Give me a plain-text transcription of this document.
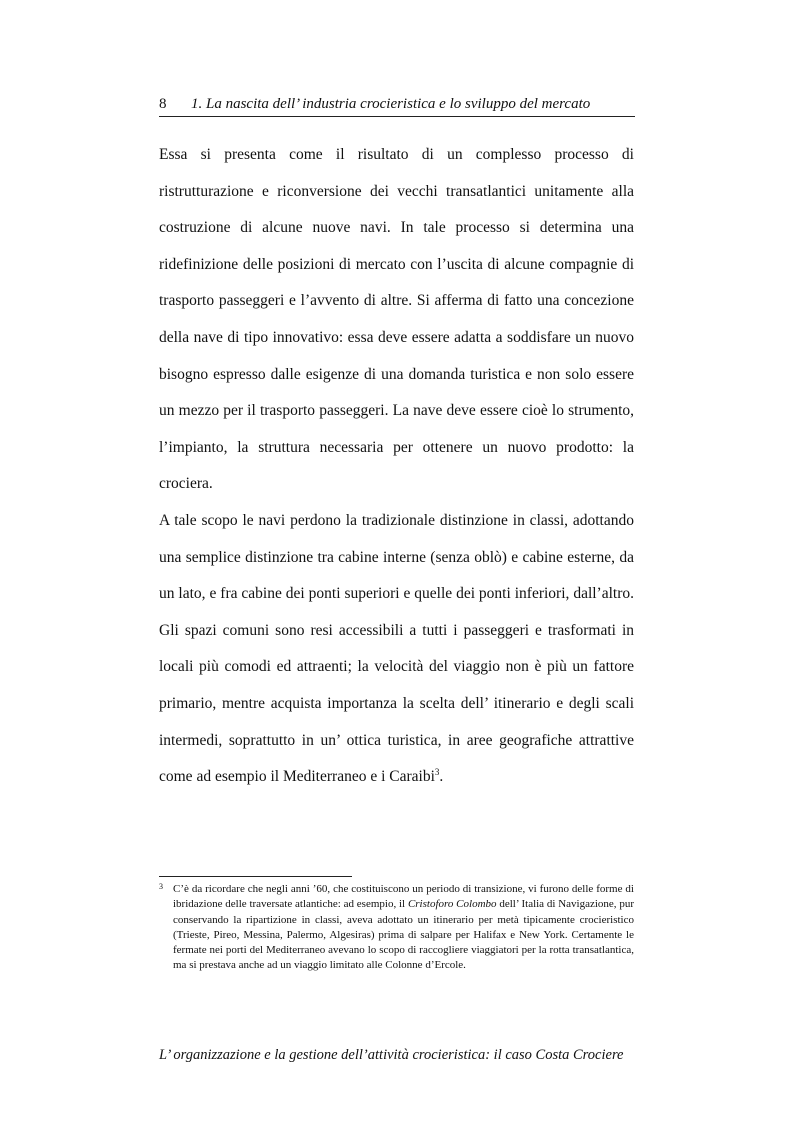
8 1. La nascita dell’ industria crocieristica e lo sviluppo del mercato

Essa si presenta come il risultato di un complesso processo di ristrutturazione e riconversione dei vecchi transatlantici unitamente alla costruzione di alcune nuove navi. In tale processo si determina una ridefinizione delle posizioni di mercato con l’uscita di alcune compagnie di trasporto passeggeri e l’avvento di altre. Si afferma di fatto una concezione della nave di tipo innovativo: essa deve essere adatta a soddisfare un nuovo bisogno espresso dalle esigenze di una domanda turistica e non solo essere un mezzo per il trasporto passeggeri. La nave deve essere cioè lo strumento, l’impianto, la struttura necessaria per ottenere un nuovo prodotto: la crociera.

A tale scopo le navi perdono la tradizionale distinzione in classi, adottando una semplice distinzione tra cabine interne (senza oblò) e cabine esterne, da un lato, e fra cabine dei ponti superiori e quelle dei ponti inferiori, dall’altro. Gli spazi comuni sono resi accessibili a tutti i passeggeri e trasformati in locali più comodi ed attraenti; la velocità del viaggio non è più un fattore primario, mentre acquista importanza la scelta dell’ itinerario e degli scali intermedi, soprattutto in un’ ottica turistica, in aree geografiche attrattive come ad esempio il Mediterraneo e i Caraibi$^3$.

3 C’è da ricordare che negli anni ’60, che costituiscono un periodo di transizione, vi furono delle forme di ibridazione delle traversate atlantiche: ad esempio, il Cristoforo Colombo dell’ Italia di Navigazione, pur conservando la ripartizione in classi, aveva adottato un itinerario per metà tipicamente crocieristico (Trieste, Pireo, Messina, Palermo, Algesiras) prima di salpare per Halifax e New York. Certamente le fermate nei porti del Mediterraneo avevano lo scopo di raccogliere viaggiatori per la rotta transatlantica, ma si prestava anche ad un viaggio limitato alle Colonne d’Ercole.
L’ organizzazione e la gestione dell’attività crocieristica: il caso Costa Crociere
